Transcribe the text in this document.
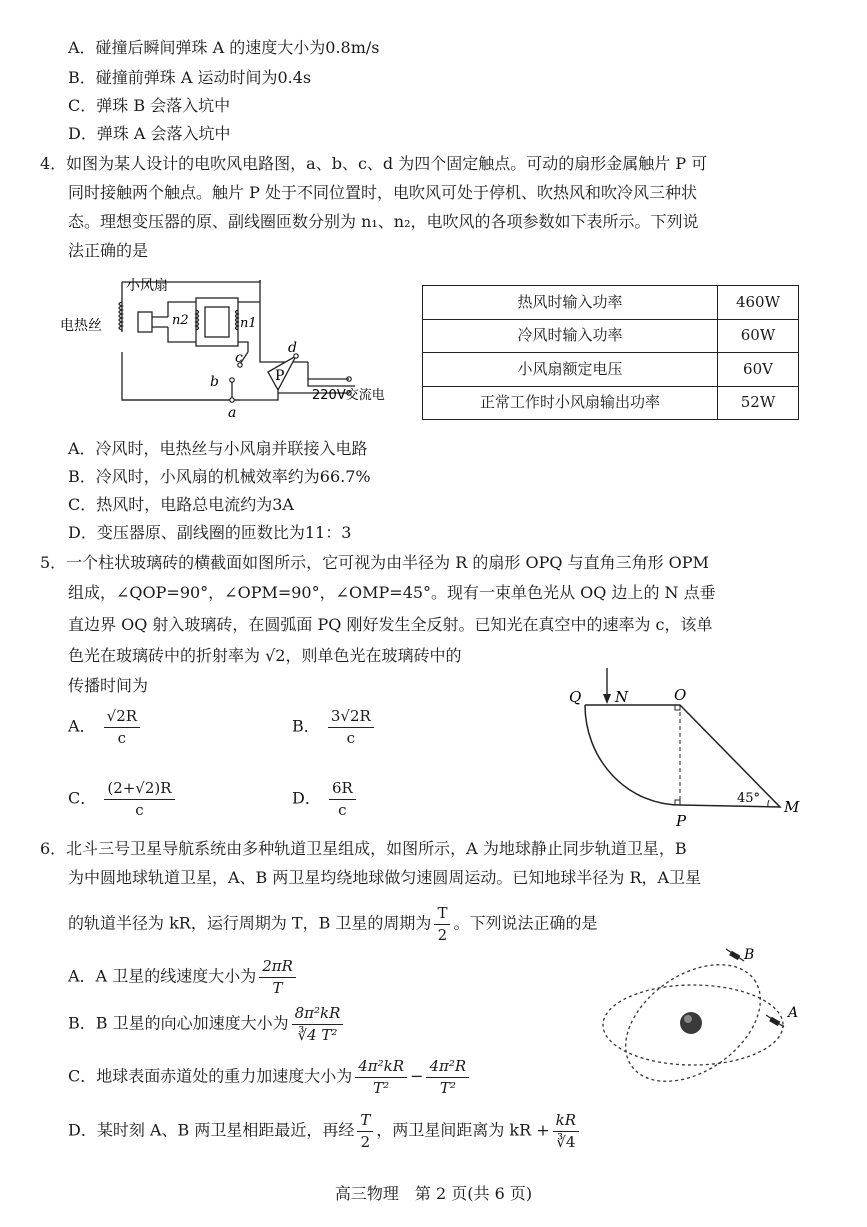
A．碰撞后瞬间弹珠 A 的速度大小为0.8m/s
B．碰撞前弹珠 A 运动时间为0.4s
C．弹珠 B 会落入坑中
D．弹珠 A 会落入坑中
4．如图为某人设计的电吹风电路图，a、b、c、d 为四个固定触点。可动的扇形金属触片 P 可
同时接触两个触点。触片 P 处于不同位置时，电吹风可处于停机、吹热风和吹冷风三种状
态。理想变压器的原、副线圈匝数分别为 n₁、n₂，电吹风的各项参数如下表所示。下列说
法正确的是
小风扇
电热丝	n2	n1
c
d
b
a
P
220V交流电
热风时输入功率	460W
冷风时输入功率	60W
小风扇额定电压	60V
正常工作时小风扇输出功率	52W
A．冷风时，电热丝与小风扇并联接入电路
B．冷风时，小风扇的机械效率约为66.7%
C．热风时，电路总电流约为3A
D．变压器原、副线圈的匝数比为11：3
5．一个柱状玻璃砖的横截面如图所示，它可视为由半径为 R 的扇形 OPQ 与直角三角形 OPM
组成，∠QOP=90°，∠OPM=90°，∠OMP=45°。现有一束单色光从 OQ 边上的 N 点垂
直边界 OQ 射入玻璃砖，在圆弧面 PQ 刚好发生全反射。已知光在真空中的速率为 c，该单
色光在玻璃砖中的折射率为 √2，则单色光在玻璃砖中的
传播时间为
A． $\frac{√2R}{c}$	B． $\frac{3√2R}{c}$
C． $\frac{(2+√2)R}{c}$	D． $\frac{6R}{c}$
Q N	O
P
M
45°
6．北斗三号卫星导航系统由多种轨道卫星组成，如图所示，A 为地球静止同步轨道卫星，B
为中圆地球轨道卫星，A、B 两卫星均绕地球做匀速圆周运动。已知地球半径为 R，A卫星
的轨道半径为 kR，运行周期为 T，B 卫星的周期为 $\frac{T}{2}$ 。下列说法正确的是
A．A 卫星的线速度大小为 $\frac{2\pi R}{T}$
B．B 卫星的向心加速度大小为 $\frac{\text{8π²kR}}{\text{∛4 T²}}$
C．地球表面赤道处的重力加速度大小为 $\frac{\text{4π²kR}}{\text{T²}} - \frac{\text{4π²R}}{\text{T²}}$
D．某时刻 A、B 两卫星相距最近，再经 $\frac{T}{2}$ ，两卫星间距离为 kR + $\frac{kR}{∛4}$
B
A
高三物理　第 2 页(共 6 页)
